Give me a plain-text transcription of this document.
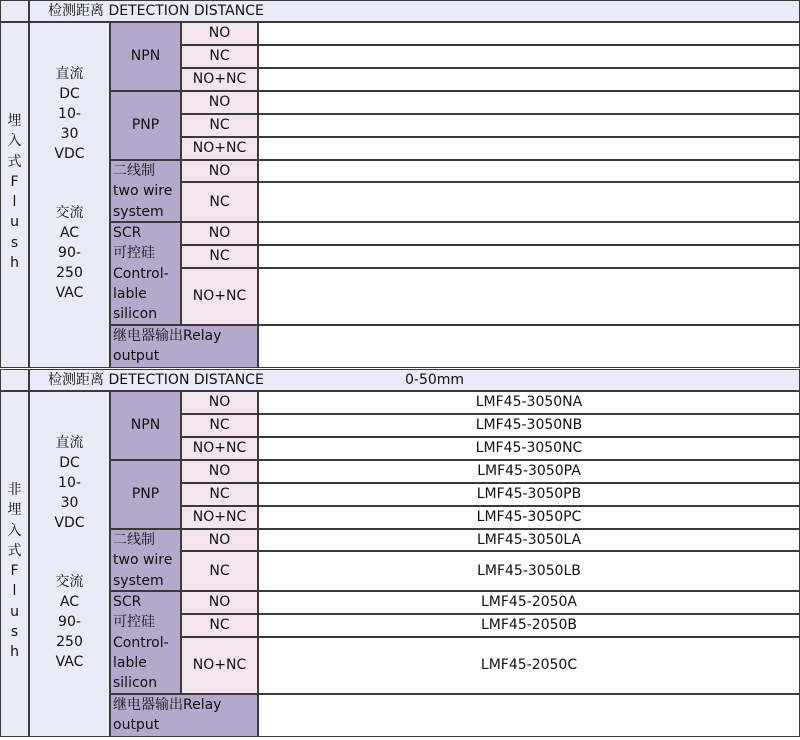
检测距离 DETECTION DISTANCE
埋
入
式
F
l
u
s
h
直流
DC
10-
30
VDC

交流
AC
90-
250
VAC
NPN
PNP
二线制
two wire
system
SCR
可控硅
Control-
lable
silicon
继电器输出Relay
output
NO
NC
NO+NC
NO
NC
NO+NC
NO
NC
NO
NC
NO+NC
检测距离 DETECTION DISTANCE	0-50mm
非
埋
入
式
F
l
u
s
h
直流
DC
10-
30
VDC

交流
AC
90-
250
VAC
NPN
PNP
二线制
two wire
system
SCR
可控硅
Control-
lable
silicon
继电器输出Relay
output
NO
NC
NO+NC
NO
NC
NO+NC
NO
NC
NO
NC
NO+NC
LMF45-3050NA
LMF45-3050NB
LMF45-3050NC
LMF45-3050PA
LMF45-3050PB
LMF45-3050PC
LMF45-3050LA
LMF45-3050LB
LMF45-2050A
LMF45-2050B
LMF45-2050C
